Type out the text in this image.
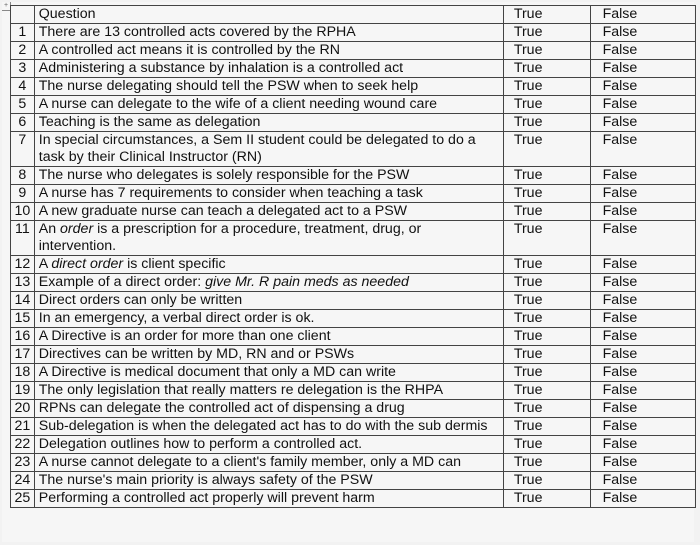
+
	Question	True	False
1	There are 13 controlled acts covered by the RPHA	True	False
2	A controlled act means it is controlled by the RN	True	False
3	Administering a substance by inhalation is a controlled act	True	False
4	The nurse delegating should tell the PSW when to seek help	True	False
5	A nurse can delegate to the wife of a client needing wound care	True	False
6	Teaching is the same as delegation	True	False
7	In special circumstances, a Sem II student could be delegated to do a task by their Clinical Instructor (RN)	True	False
8	The nurse who delegates is solely responsible for the PSW	True	False
9	A nurse has 7 requirements to consider when teaching a task	True	False
10	A new graduate nurse can teach a delegated act to a PSW	True	False
11	An order is a prescription for a procedure, treatment, drug, or intervention.	True	False
12	A direct order is client specific	True	False
13	Example of a direct order: give Mr. R pain meds as needed	True	False
14	Direct orders can only be written	True	False
15	In an emergency, a verbal direct order is ok.	True	False
16	A Directive is an order for more than one client	True	False
17	Directives can be written by MD, RN and or PSWs	True	False
18	A Directive is medical document that only a MD can write	True	False
19	The only legislation that really matters re delegation is the RHPA	True	False
20	RPNs can delegate the controlled act of dispensing a drug	True	False
21	Sub-delegation is when the delegated act has to do with the sub dermis	True	False
22	Delegation outlines how to perform a controlled act.	True	False
23	A nurse cannot delegate to a client's family member, only a MD can	True	False
24	The nurse's main priority is always safety of the PSW	True	False
25	Performing a controlled act properly will prevent harm	True	False
